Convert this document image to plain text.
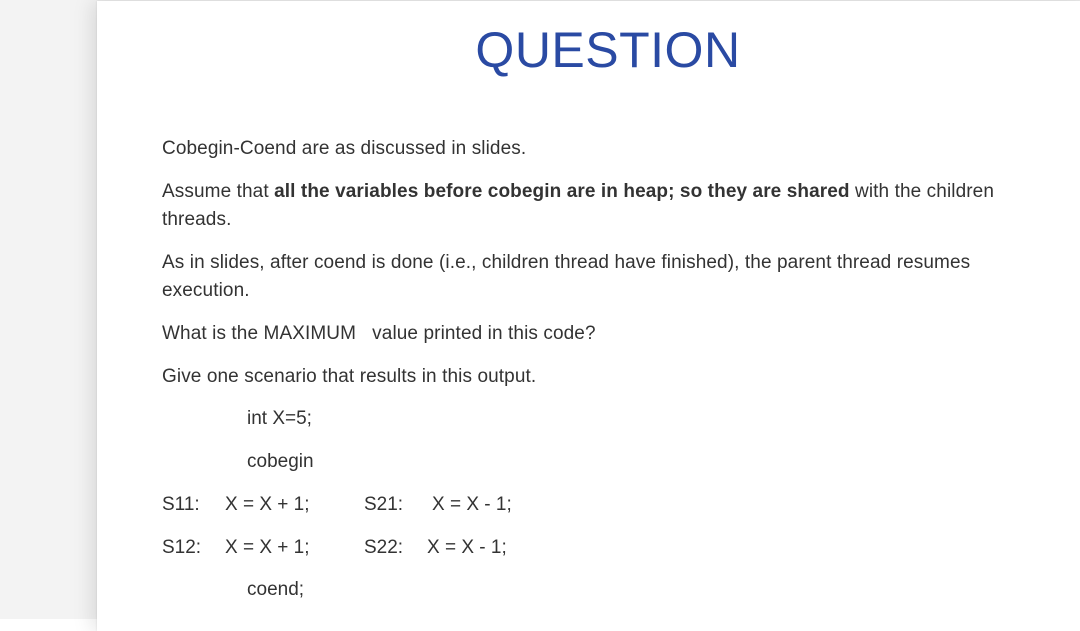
QUESTION
Cobegin-Coend are as discussed in slides.
Assume that all the variables before cobegin are in heap; so they are shared with the children threads.
As in slides, after coend is done (i.e., children thread have finished), the parent thread resumes execution.
What is the MAXIMUM   value printed in this code?
Give one scenario that results in this output.
int X=5;
cobegin
S11: X = X + 1;	S21: X = X - 1;
S12: X = X + 1;	S22: X = X - 1;
coend;
